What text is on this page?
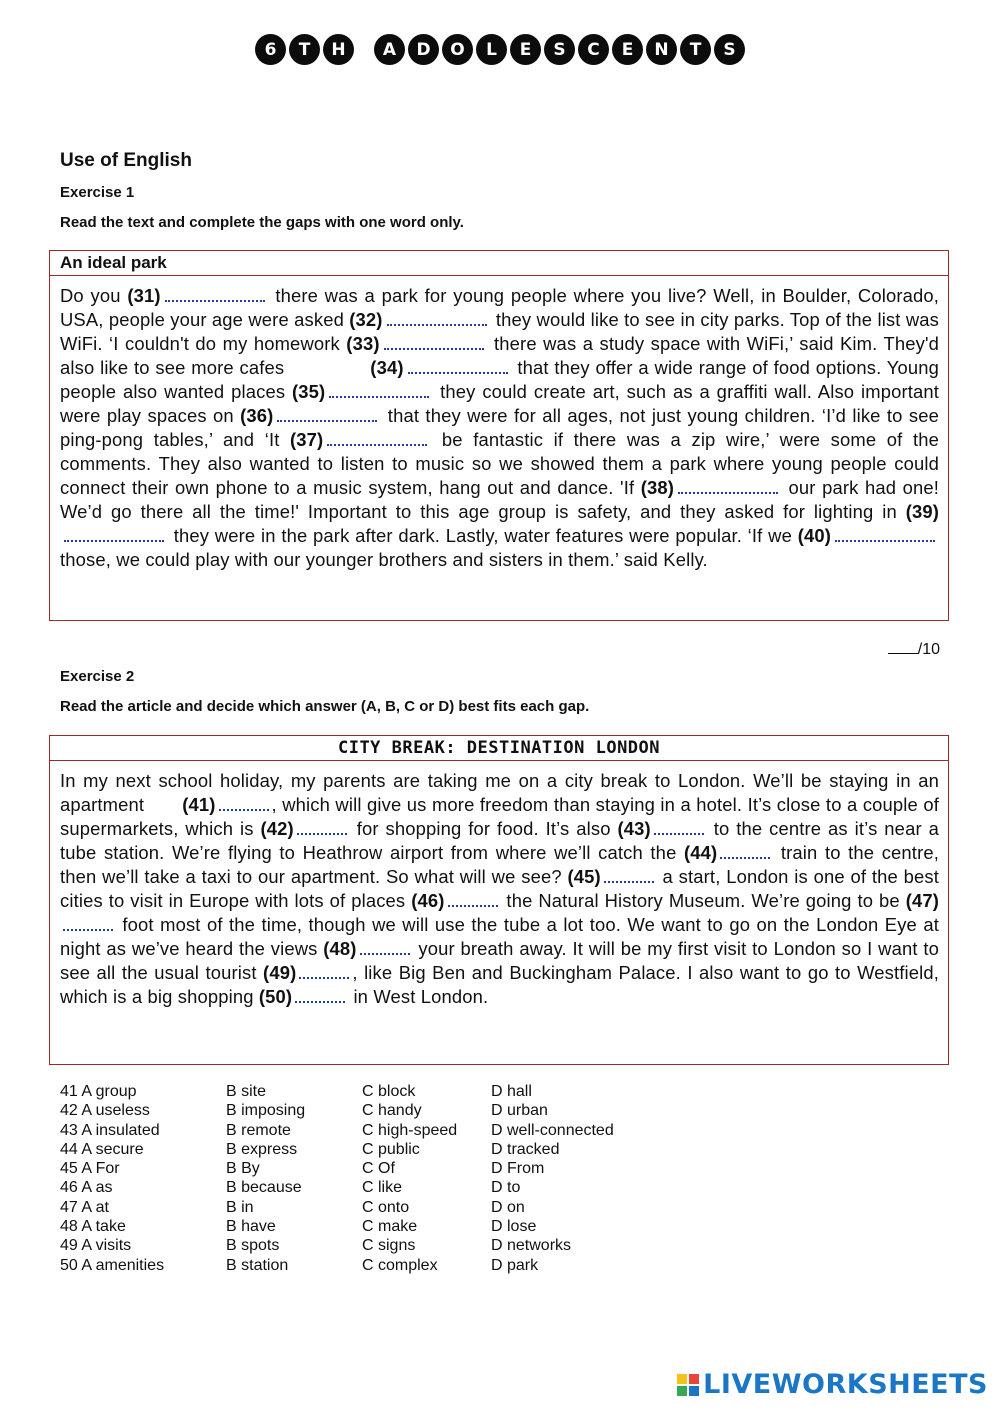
6	T	H	A	D	O	L	E	S	C	E	N	T	S
Use of English
Exercise 1
Read the text and complete the gaps with one word only.
An ideal park
Do you (31)	there was a park for young people where you live? Well, in Boulder, Colorado, USA, people your age were asked (32)	they would like to see in city parks. Top of the list was WiFi. ‘I couldn't do my homework (33)	there was a study space with WiFi,’ said Kim. They'd also like to see more cafes               (34)	that they offer a wide range of food options. Young people also wanted places (35)	they could create art, such as a graffiti wall. Also important were play spaces on (36)	that they were for all ages, not just young children. ‘I’d like to see ping-pong tables,’ and ‘It (37)	be fantastic if there was a zip wire,’ were some of the comments. They also wanted to listen to music so we showed them a park where young people could connect their own phone to a music system, hang out and dance. 'If (38)	our park had one! We’d go there all the time!' Important to this age group is safety, and they asked for lighting in (39) they were in the park after dark. Lastly, water features were popular. ‘If we (40) those, we could play with our younger brothers and sisters in them.’ said Kelly.
/10
Exercise 2
Read the article and decide which answer (A, B, C or D) best fits each gap.
CITY BREAK: DESTINATION LONDON
In my next school holiday, my parents are taking me on a city break to London. We’ll be staying in an apartment       (41)	, which will give us more freedom than staying in a hotel. It’s close to a couple of supermarkets, which is (42)	for shopping for food. It’s also (43)	to the centre as it’s near a tube station. We’re flying to Heathrow airport from where we’ll catch the (44)	train to the centre, then we’ll take a taxi to our apartment. So what will we see? (45)	a start, London is one of the best cities to visit in Europe with lots of places (46)	the Natural History Museum. We’re going to be (47) foot most of the time, though we will use the tube a lot too. We want to go on the London Eye at night as we’ve heard the views (48)	your breath away. It will be my first visit to London so I want to see all the usual tourist (49)	, like Big Ben and Buckingham Palace. I also want to go to Westfield, which is a big shopping (50)	in West London.
41 A group	B site	C block	D hall
42 A useless	B imposing	C handy	D urban
43 A insulated	B remote	C high-speed	D well-connected
44 A secure	B express	C public	D tracked
45 A For	B By	C Of	D From
46 A as	B because	C like	D to
47 A at	B in	C onto	D on
48 A take	B have	C make	D lose
49 A visits	B spots	C signs	D networks
50 A amenities	B station	C complex	D park
LIVEWORKSHEETS
